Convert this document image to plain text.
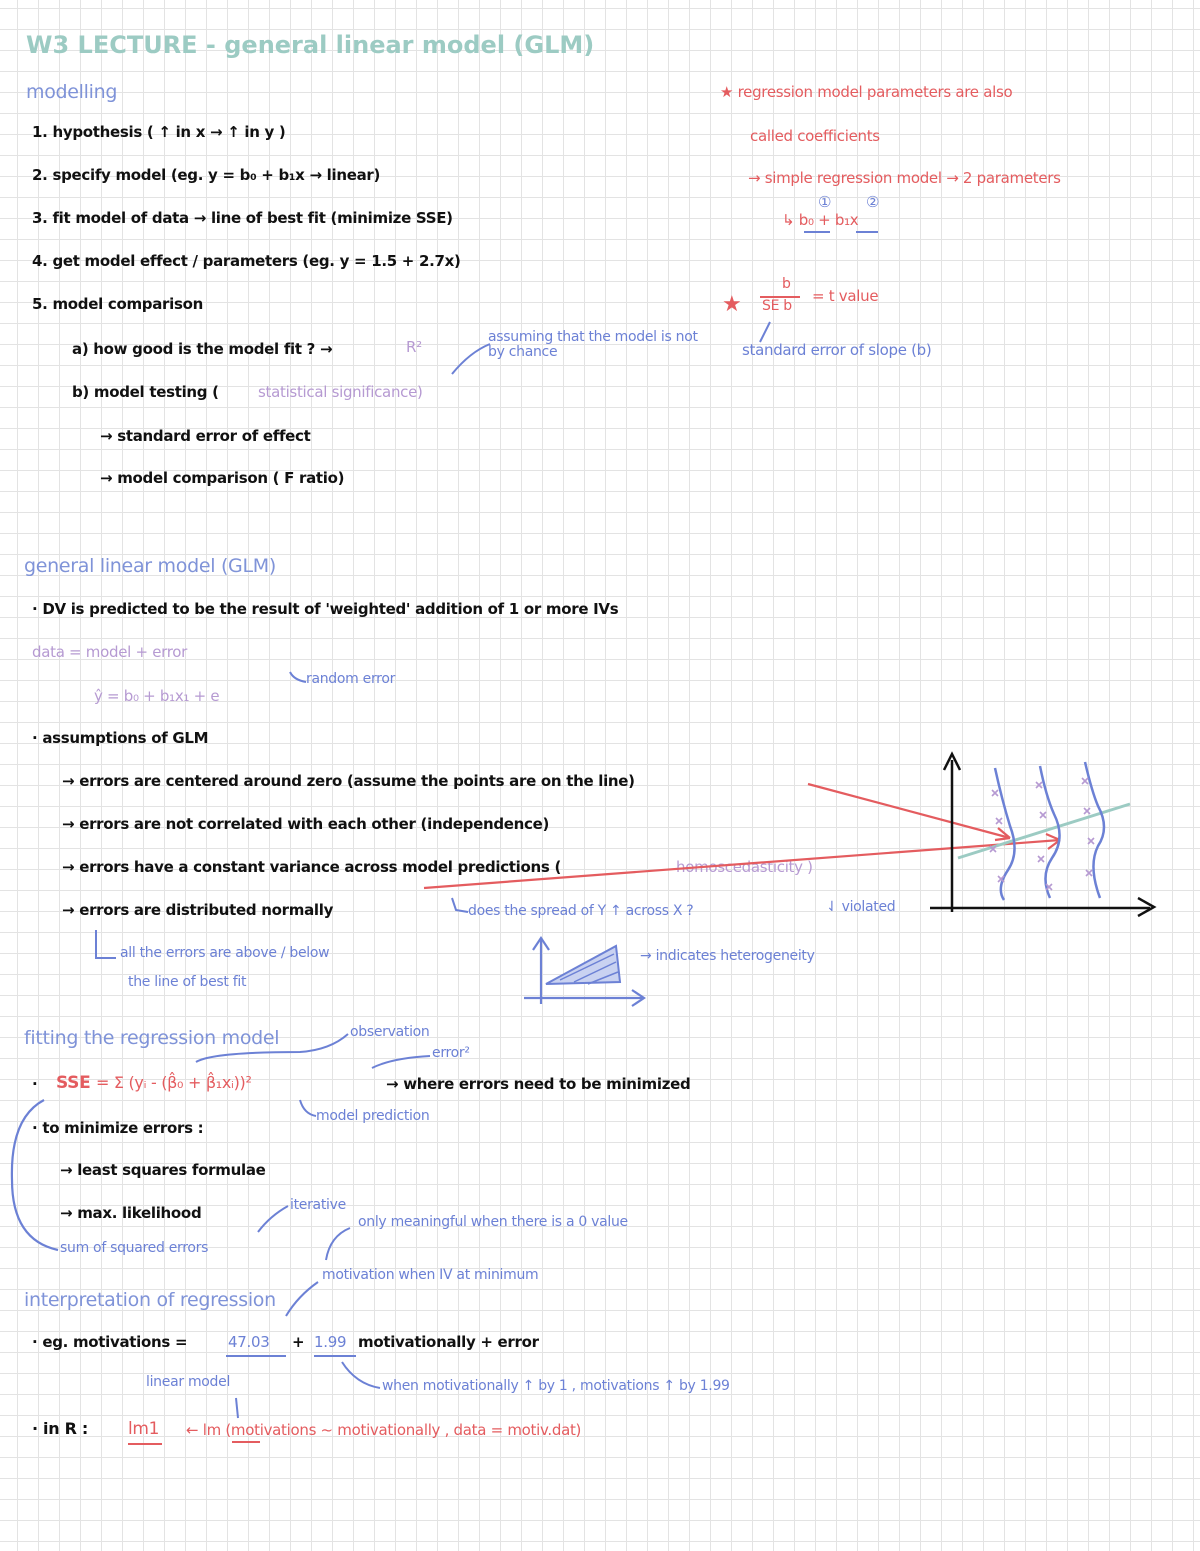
W3 LECTURE - general linear model (GLM)
modelling
1. hypothesis ( ↑ in x → ↑ in y )
2. specify model (eg. y = b₀ + b₁x → linear)
3. fit model of data → line of best fit (minimize SSE)
4. get model effect / parameters (eg. y = 1.5 + 2.7x)
5. model comparison
a) how good is the model fit ? →	R²
assuming that the model is not by chance
b) model testing (	statistical significance)
→ standard error of effect
→ model comparison ( F ratio)
★ regression model parameters are also
called coefficients
→ simple regression model → 2 parameters
① ②
↳ b₀ + b₁x
★
b
SE b
= t value
standard error of slope (b)
general linear model (GLM)
· DV is predicted to be the result of 'weighted' addition of 1 or more IVs
data = model + error
random error
ŷ = b₀ + b₁x₁ + e
· assumptions of GLM
→ errors are centered around zero (assume the points are on the line)
→ errors are not correlated with each other (independence)
→ errors have a constant variance across model predictions (	homoscedasticity )
→ errors are distributed normally	does the spread of Y ↑ across X ?	⇃ violated
all the errors are above / below
the line of best fit
→ indicates heterogeneity
fitting the regression model	observation
error²
· SSE = Σ (yᵢ - (β̂₀ + β̂₁xᵢ))²	→ where errors need to be minimized
model prediction
· to minimize errors :
→ least squares formulae
→ max. likelihood	iterative
sum of squared errors
only meaningful when there is a 0 value
motivation when IV at minimum
interpretation of regression
· eg. motivations =	47.03 + 1.99 motivationally + error
linear model	when motivationally ↑ by 1 , motivations ↑ by 1.99
· in R : lm1 ← lm (motivations ~ motivationally , data = motiv.dat)
